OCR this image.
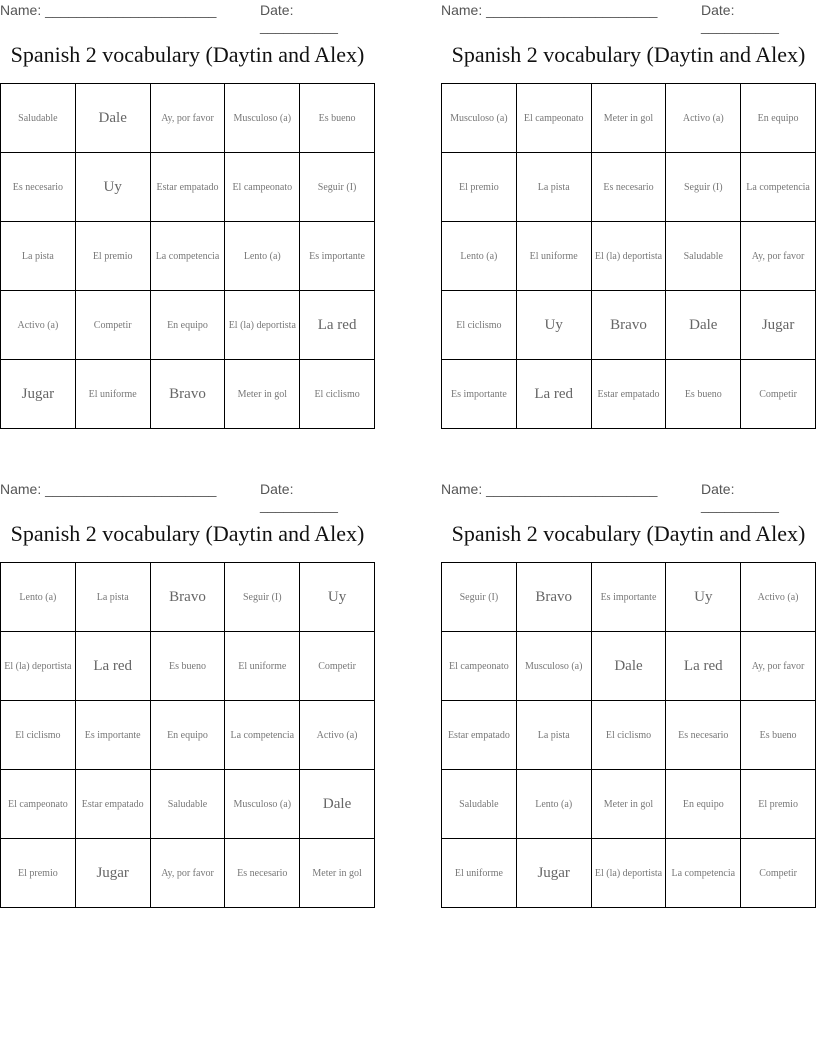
Name: ______________________	Date: __________
Spanish 2 vocabulary (Daytin and Alex)
Saludable	Dale	Ay, por favor	Musculoso (a)	Es bueno
Es necesario	Uy	Estar empatado	El campeonato	Seguir (I)
La pista	El premio	La competencia	Lento (a)	Es importante
Activo (a)	Competir	En equipo	El (la) deportista	La red
Jugar	El uniforme	Bravo	Meter in gol	El ciclismo
Name: ______________________	Date: __________
Spanish 2 vocabulary (Daytin and Alex)
Musculoso (a)	El campeonato	Meter in gol	Activo (a)	En equipo
El premio	La pista	Es necesario	Seguir (I)	La competencia
Lento (a)	El uniforme	El (la) deportista	Saludable	Ay, por favor
El ciclismo	Uy	Bravo	Dale	Jugar
Es importante	La red	Estar empatado	Es bueno	Competir
Name: ______________________	Date: __________
Spanish 2 vocabulary (Daytin and Alex)
Lento (a)	La pista	Bravo	Seguir (I)	Uy
El (la) deportista	La red	Es bueno	El uniforme	Competir
El ciclismo	Es importante	En equipo	La competencia	Activo (a)
El campeonato	Estar empatado	Saludable	Musculoso (a)	Dale
El premio	Jugar	Ay, por favor	Es necesario	Meter in gol
Name: ______________________	Date: __________
Spanish 2 vocabulary (Daytin and Alex)
Seguir (I)	Bravo	Es importante	Uy	Activo (a)
El campeonato	Musculoso (a)	Dale	La red	Ay, por favor
Estar empatado	La pista	El ciclismo	Es necesario	Es bueno
Saludable	Lento (a)	Meter in gol	En equipo	El premio
El uniforme	Jugar	El (la) deportista	La competencia	Competir
